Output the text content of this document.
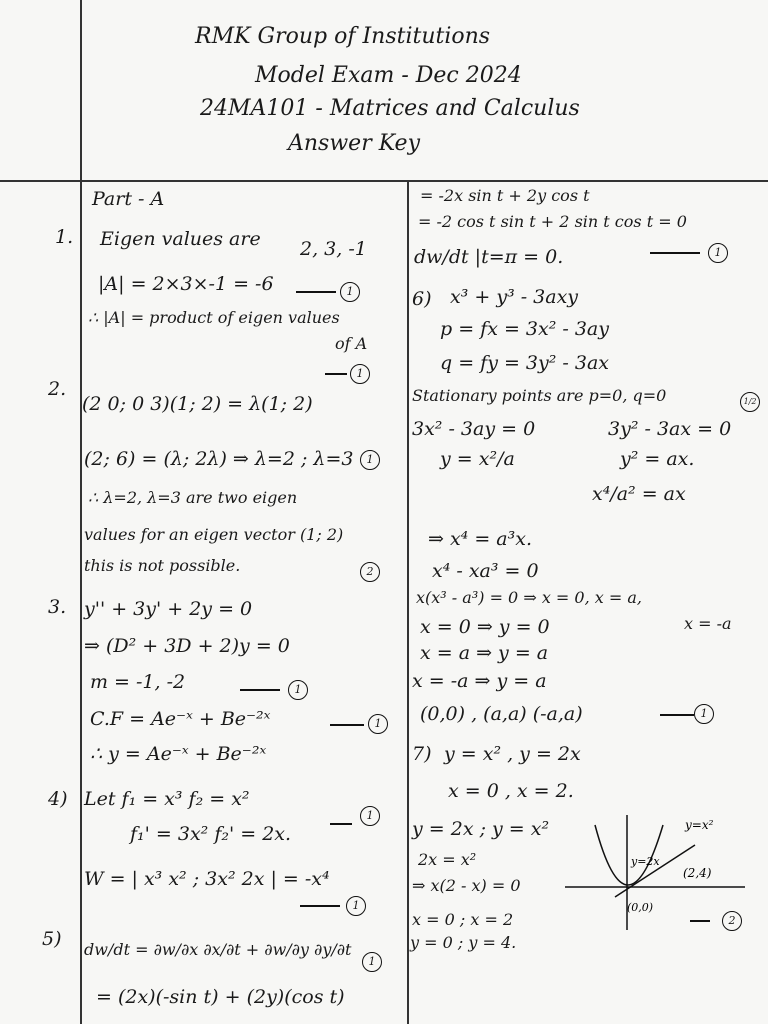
RMK Group of Institutions
Model Exam - Dec 2024
24MA101 - Matrices and Calculus
Answer Key
Part - A
1. Eigen values are 2, 3, -1
|A| = 2×3×-1 = -6	1
∴ |A| = product of eigen values
of A
1
2.
(2 0; 0 3)(1; 2) = λ(1; 2)
(2; 6) = (λ; 2λ) ⇒ λ=2 ; λ=3	1
∴ λ=2, λ=3 are two eigen
values for an eigen vector (1; 2)
this is not possible.	2
3. y'' + 3y' + 2y = 0
⇒ (D² + 3D + 2)y = 0
m = -1, -2	1
C.F = Ae⁻ˣ + Be⁻²ˣ	1
∴ y = Ae⁻ˣ + Be⁻²ˣ
4) Let f₁ = x³ f₂ = x²
f₁' = 3x² f₂' = 2x.
1
W = | x³ x² ; 3x² 2x | = -x⁴
1
5) dw/dt = ∂w/∂x ∂x/∂t + ∂w/∂y ∂y/∂t
1
= (2x)(-sin t) + (2y)(cos t)
= -2x sin t + 2y cos t
= -2 cos t sin t + 2 sin t cos t = 0
dw/dt |t=π = 0.	1
6) x³ + y³ - 3axy
p = fx = 3x² - 3ay
q = fy = 3y² - 3ax
Stationary points are p=0, q=0	1/2
3x² - 3ay = 0	3y² - 3ax = 0
y = x²/a	y² = ax.
x⁴/a² = ax
⇒ x⁴ = a³x.
x⁴ - xa³ = 0
x(x³ - a³) = 0 ⇒ x = 0, x = a,
x = -a
x = 0 ⇒ y = 0
x = a ⇒ y = a
x = -a ⇒ y = a
(0,0) , (a,a) (-a,a)	1
7) y = x² , y = 2x
x = 0 , x = 2.
y = 2x ; y = x²
2x = x²
⇒ x(2 - x) = 0
x = 0 ; x = 2
y = 0 ; y = 4.
2
y=x²
y=2x
(2,4)
(0,0)
